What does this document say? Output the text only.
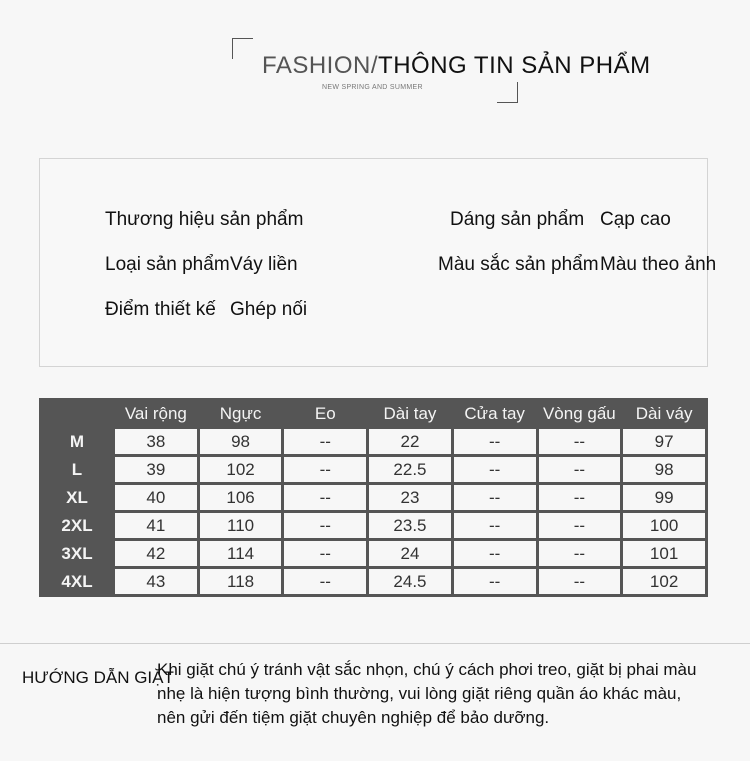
FASHION/THÔNG TIN SẢN PHẨM
NEW SPRING AND SUMMER
Thương hiệu sản phẩm	Dáng sản phẩm Cạp cao
Loại sản phẩm Váy liền	Màu sắc sản phẩm Màu theo ảnh
Điểm thiết kế Ghép nối
	Vai rộng	Ngực	Eo	Dài tay	Cửa tay	Vòng gấu	Dài váy
M	38	98	--	22	--	--	97
L	39	102	--	22.5	--	--	98
XL	40	106	--	23	--	--	99
2XL	41	110	--	23.5	--	--	100
3XL	42	114	--	24	--	--	101
4XL	43	118	--	24.5	--	--	102
HƯỚNG DẪN GIẶT
Khi giặt chú ý tránh vật sắc nhọn, chú ý cách phơi treo, giặt bị phai màu
nhẹ là hiện tượng bình thường, vui lòng giặt riêng quần áo khác màu,
nên gửi đến tiệm giặt chuyên nghiệp để bảo dưỡng.
